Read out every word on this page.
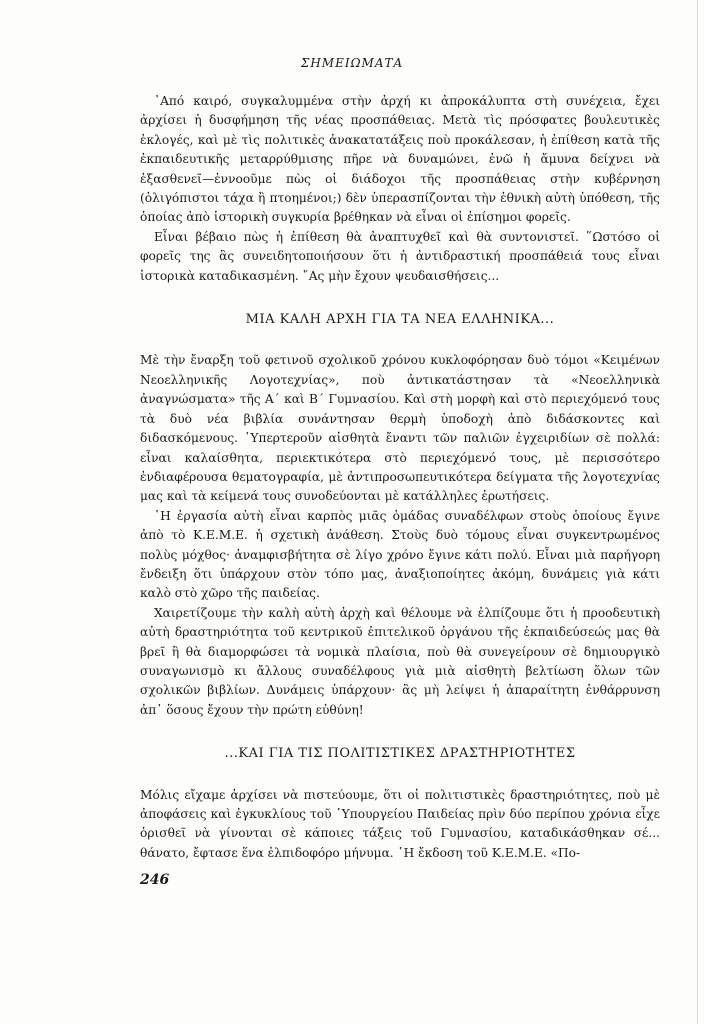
ΣΗΜΕΙΩΜΑΤΑ

᾿Από καιρό, συγκαλυμμένα στὴν ἀρχή κι ἀπροκάλυπτα στὴ συνέχεια, ἔχει ἀρχίσει ἡ δυσφήμηση τῆς νέας προσπάθειας. Μετὰ τὶς πρόσφατες βουλευτικὲς ἐκλογές, καὶ μὲ τὶς πολιτικὲς ἀνακατατάξεις ποὺ προκάλεσαν, ἡ ἐπίθεση κατὰ τῆς ἐκπαιδευτικῆς μεταρρύθμισης πῆρε νὰ δυναμώνει, ἐνῶ ἡ ἄμυνα δείχνει νὰ ἐξασθενεῖ—ἐννοοῦμε πὼς οἱ διάδοχοι τῆς προσπάθειας στὴν κυβέρνηση (ὀλιγόπιστοι τάχα ἢ πτοημένοι;) δὲν ὑπερασπίζονται τὴν ἐθνικὴ αὐτὴ ὑπόθεση, τῆς ὁποίας ἀπὸ ἱστορικὴ συγκυρία βρέθηκαν νὰ εἶναι οἱ ἐπίσημοι φορεῖς.

Εἶναι βέβαιο πὼς ἡ ἐπίθεση θὰ ἀναπτυχθεῖ καὶ θὰ συντονιστεῖ. ῞Ωστόσο οἱ φορεῖς της ἂς συνειδητοποιήσουν ὅτι ἡ ἀντιδραστική προσπάθειά τους εἶναι ἱστορικὰ καταδικασμένη. ῎Ας μὴν ἔχουν ψευδαισθήσεις...

ΜΙΑ ΚΑΛΗ ΑΡΧΗ ΓΙΑ ΤΑ ΝΕΑ ΕΛΛΗΝΙΚΑ...

Μὲ τὴν ἔναρξη τοῦ φετινοῦ σχολικοῦ χρόνου κυκλοφόρησαν δυὸ τόμοι «Κειμένων Νεοελληνικῆς Λογοτεχνίας», ποὺ ἀντικατάστησαν τὰ «Νεοελληνικὰ ἀναγνώσματα» τῆς Α΄ καὶ Β΄ Γυμνασίου. Καὶ στὴ μορφὴ καὶ στὸ περιεχόμενό τους τὰ δυὸ νέα βιβλία συνάντησαν θερμὴ ὑποδοχὴ ἀπὸ διδάσκοντες καὶ διδασκόμενους. ῾Υπερτεροῦν αἰσθητὰ ἔναντι τῶν παλιῶν ἐγχειριδίων σὲ πολλά: εἶναι καλαίσθητα, περιεκτικότερα στὸ περιεχόμενό τους, μὲ περισσότερο ἐνδιαφέρουσα θεματογραφία, μὲ ἀντιπροσωπευτικότερα δείγματα τῆς λογοτεχνίας μας καὶ τὰ κείμενά τους συνοδεύονται μὲ κατάλληλες ἐρωτήσεις.

῾Η ἐργασία αὐτὴ εἶναι καρπὸς μιᾶς ὁμάδας συναδέλφων στοὺς ὁποίους ἔγινε ἀπὸ τὸ Κ.Ε.Μ.Ε. ἡ σχετικὴ ἀνάθεση. Στοὺς δυὸ τόμους εἶναι συγκεντρωμένος πολὺς μόχθος· ἀναμφισβήτητα σὲ λίγο χρόνο ἔγινε κάτι πολύ. Εἶναι μιὰ παρήγορη ἔνδειξη ὅτι ὑπάρχουν στὸν τόπο μας, ἀναξιοποίητες ἀκόμη, δυνάμεις γιὰ κάτι καλὸ στὸ χῶρο τῆς παιδείας.

Χαιρετίζουμε τὴν καλὴ αὐτὴ ἀρχὴ καὶ θέλουμε νὰ ἐλπίζουμε ὅτι ἡ προοδευτικὴ αὐτὴ δραστηριότητα τοῦ κεντρικοῦ ἐπιτελικοῦ ὀργάνου τῆς ἐκπαιδεύσεώς μας θὰ βρεῖ ἢ θὰ διαμορφώσει τὰ νομικὰ πλαίσια, ποὺ θὰ συνεγείρουν σὲ δημιουργικὸ συναγωνισμὸ κι ἄλλους συναδέλφους γιὰ μιὰ αἰσθητὴ βελτίωση ὅλων τῶν σχολικῶν βιβλίων. Δυνάμεις ὑπάρχουν· ἂς μὴ λείψει ἡ ἀπαραίτητη ἐνθάρρυνση ἀπ᾿ ὅσους ἔχουν τὴν πρώτη εὐθύνη!

...ΚΑΙ ΓΙΑ ΤΙΣ ΠΟΛΙΤΙΣΤΙΚΕΣ ΔΡΑΣΤΗΡΙΟΤΗΤΕΣ

Μόλις εἴχαμε ἀρχίσει νὰ πιστεύουμε, ὅτι οἱ πολιτιστικὲς δραστηριότητες, ποὺ μὲ ἀποφάσεις καὶ ἐγκυκλίους τοῦ ῾Υπουργείου Παιδείας πρὶν δύο περίπου χρόνια εἶχε ὁρισθεῖ νὰ γίνονται σὲ κάποιες τάξεις τοῦ Γυμνασίου, καταδικάσθηκαν σέ... θάνατο, ἔφτασε ἕνα ἐλπιδοφόρο μήνυμα. ῾Η ἔκδοση τοῦ Κ.Ε.Μ.Ε. «Πο-

246
